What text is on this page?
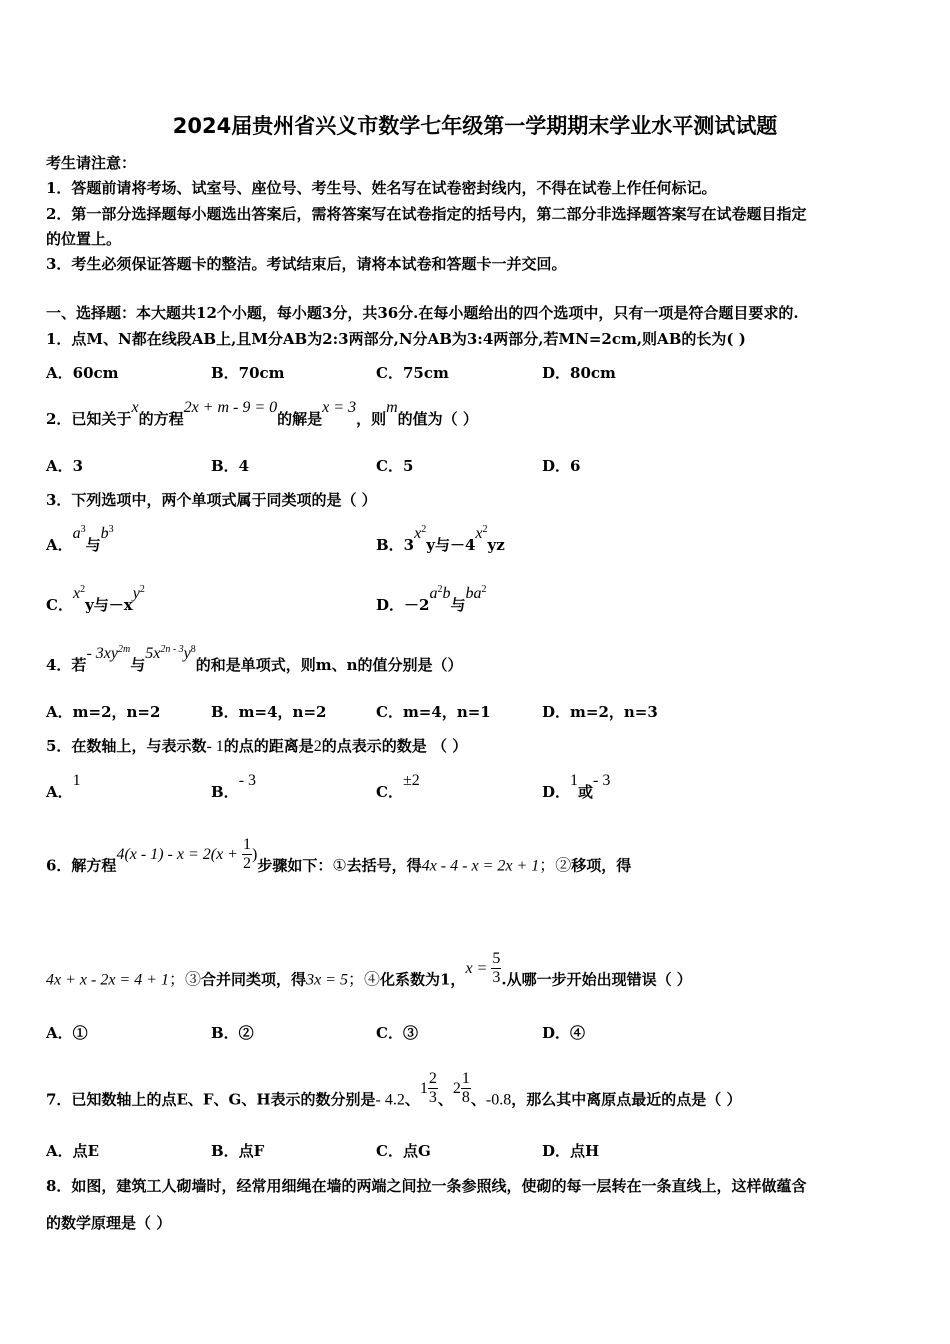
2024届贵州省兴义市数学七年级第一学期期末学业水平测试试题
考生请注意：
1．答题前请将考场、试室号、座位号、考生号、姓名写在试卷密封线内，不得在试卷上作任何标记。
2．第一部分选择题每小题选出答案后，需将答案写在试卷指定的括号内，第二部分非选择题答案写在试卷题目指定
的位置上。
3．考生必须保证答题卡的整洁。考试结束后，请将本试卷和答题卡一并交回。
一、选择题：本大题共12个小题，每小题3分，共36分.在每小题给出的四个选项中，只有一项是符合题目要求的.
1．点M、N都在线段AB上,且M分AB为2:3两部分,N分AB为3:4两部分,若MN=2cm,则AB的长为( )
A．60cm	B．70cm	C．75cm	D．80cm
2．已知关于x的方程2x + m - 9 = 0的解是x = 3，则m的值为（ ）
A．3	B．4	C．5	D．6
3．下列选项中，两个单项式属于同类项的是（ ）
A．$a^3$与$b^3$
B．$3x^2y$与$-4x^2yz$
C．$x^2y$与$-xy^2$
D．$-2a^2b$与$ba^2$
4．若- $3xy^{2m}$与$5x^{2n - 3}y^8$的和是单项式，则m、n的值分别是（）
A．m=2，n=2	B．m=4，n=2	C．m=4，n=1	D．m=2，n=3
5．在数轴上，与表示数- 1的点的距离是2的点表示的数是 （ ）
A．1
B．- 3
C．±2
D．1或- 3
6．解方程$4(x - 1) - x = 2(x + \frac{1}{2}$ )步骤如下：①去括号，得4x - 4 - x = 2x + 1；②移项，得
4x + x - 2x = 4 + 1；③合并同类项，得3x = 5；④化系数为1，$x = \frac{5}{3}$ .从哪一步开始出现错误（ ）
A．①	B．②	C．③	D．④
7．已知数轴上的点E、F、G、H表示的数分别是- 4.2、$1 \frac{2}{3}$ 、$2 \frac{1}{8}$ 、-0.8，那么其中离原点最近的点是（ ）
A．点E	B．点F	C．点G	D．点H
8．如图，建筑工人砌墙时，经常用细绳在墙的两端之间拉一条参照线，使砌的每一层转在一条直线上，这样做蕴含
的数学原理是（ ）
